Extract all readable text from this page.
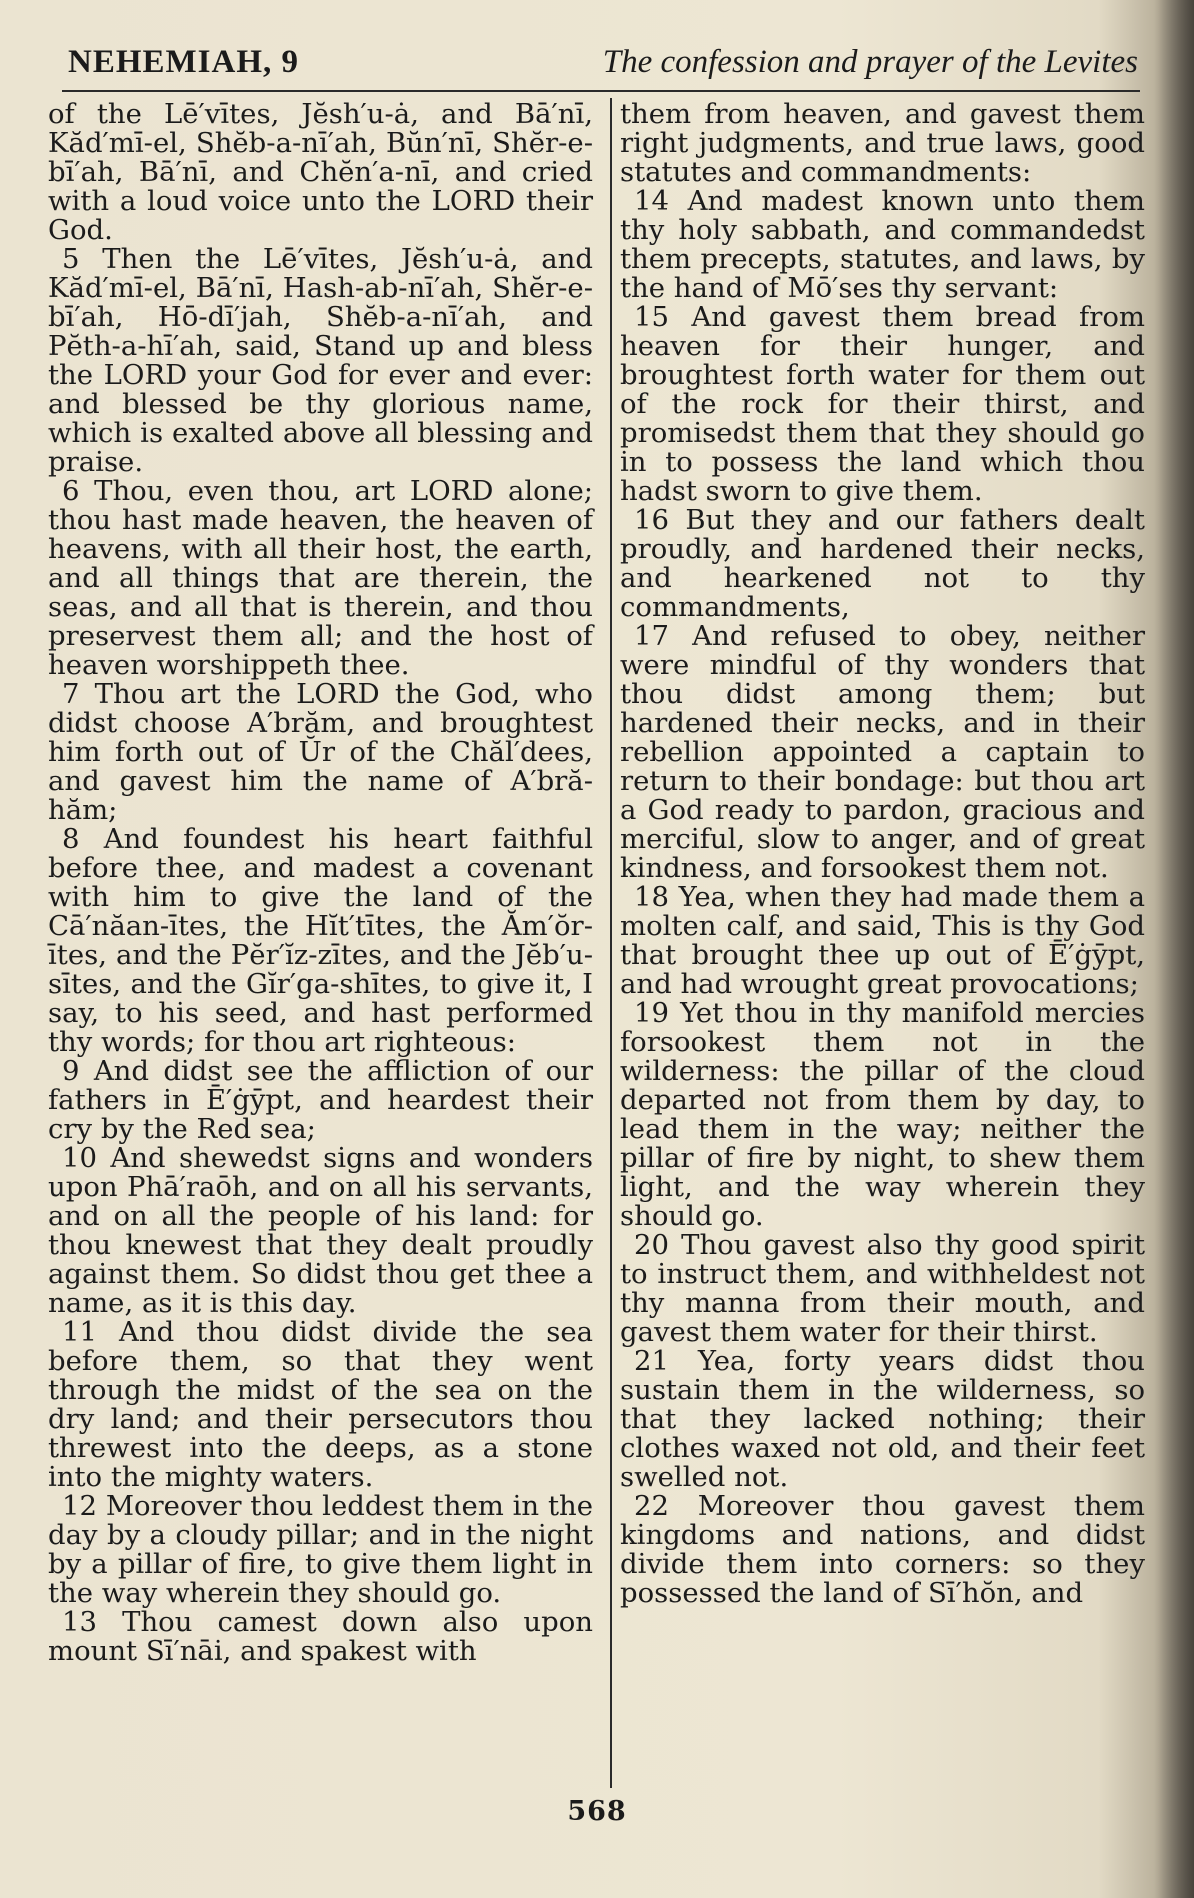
NEHEMIAH, 9	The confession and prayer of the Levites

of the Lē′vītes, Jĕsh′u-ȧ, and Bā′nī, Kăd′mī-el, Shĕb-a-nī′ah, Bŭn′nī, Shĕr-e-bī′ah, Bā′nī, and Chĕn′a-nī, and cried with a loud voice unto the LORD their God.

5 Then the Lē′vītes, Jĕsh′u-ȧ, and Kăd′mī-el, Bā′nī, Hash-ab-nī′ah, Shĕr-e-bī′ah, Hō-dī′jah, Shĕb-a-nī′ah, and Pĕth-a-hī′ah, said, Stand up and bless the LORD your God for ever and ever: and blessed be thy glorious name, which is exalted above all blessing and praise.

6 Thou, even thou, art LORD alone; thou hast made heaven, the heaven of heavens, with all their host, the earth, and all things that are therein, the seas, and all that is therein, and thou preservest them all; and the host of heaven worshippeth thee.

7 Thou art the LORD the God, who didst choose A′brăm, and broughtest him forth out of Ŭr of the Chăl′dees, and gavest him the name of A′bră-hăm;

8 And foundest his heart faithful before thee, and madest a covenant with him to give the land of the Cā′năan-ītes, the Hĭt′tītes, the Ăm′ŏr-ītes, and the Pĕr′ĭz-zītes, and the Jĕb′u-sītes, and the Gĭr′ga-shītes, to give it, I say, to his seed, and hast performed thy words; for thou art righteous:

9 And didst see the affliction of our fathers in Ē′ġȳpt, and heardest their cry by the Red sea;

10 And shewedst signs and wonders upon Phā′raōh, and on all his servants, and on all the people of his land: for thou knewest that they dealt proudly against them. So didst thou get thee a name, as it is this day.

11 And thou didst divide the sea before them, so that they went through the midst of the sea on the dry land; and their persecutors thou threwest into the deeps, as a stone into the mighty waters.

12 Moreover thou leddest them in the day by a cloudy pillar; and in the night by a pillar of fire, to give them light in the way wherein they should go.

13 Thou camest down also upon mount Sī′nāi, and spakest with

them from heaven, and gavest them right judgments, and true laws, good statutes and commandments:

14 And madest known unto them thy holy sabbath, and commandedst them precepts, statutes, and laws, by the hand of Mō′ses thy servant:

15 And gavest them bread from heaven for their hunger, and broughtest forth water for them out of the rock for their thirst, and promisedst them that they should go in to possess the land which thou hadst sworn to give them.

16 But they and our fathers dealt proudly, and hardened their necks, and hearkened not to thy commandments,

17 And refused to obey, neither were mindful of thy wonders that thou didst among them; but hardened their necks, and in their rebellion appointed a captain to return to their bondage: but thou art a God ready to pardon, gracious and merciful, slow to anger, and of great kindness, and forsookest them not.

18 Yea, when they had made them a molten calf, and said, This is thy God that brought thee up out of Ē′ġȳpt, and had wrought great provocations;

19 Yet thou in thy manifold mercies forsookest them not in the wilderness: the pillar of the cloud departed not from them by day, to lead them in the way; neither the pillar of fire by night, to shew them light, and the way wherein they should go.

20 Thou gavest also thy good spirit to instruct them, and withheldest not thy manna from their mouth, and gavest them water for their thirst.

21 Yea, forty years didst thou sustain them in the wilderness, so that they lacked nothing; their clothes waxed not old, and their feet swelled not.

22 Moreover thou gavest them kingdoms and nations, and didst divide them into corners: so they possessed the land of Sī′hŏn, and

568
